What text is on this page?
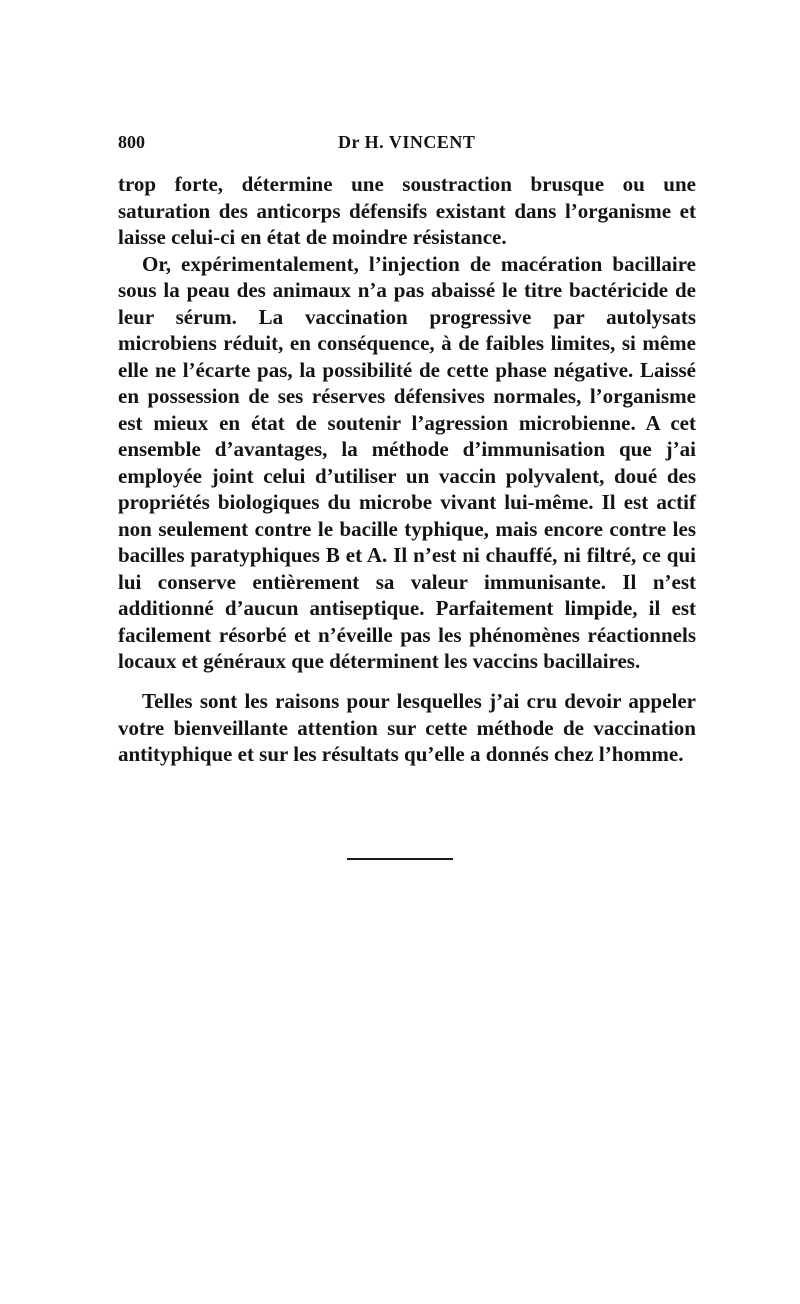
800	Dr H. VINCENT

trop forte, détermine une soustraction brusque ou une saturation des anticorps défensifs existant dans l’organisme et laisse celui-ci en état de moindre résistance.

Or, expérimentalement, l’injection de macération bacillaire sous la peau des animaux n’a pas abaissé le titre bactéricide de leur sérum. La vaccination progressive par autolysats microbiens réduit, en conséquence, à de faibles limites, si même elle ne l’écarte pas, la possibilité de cette phase négative. Laissé en possession de ses réserves défensives normales, l’organisme est mieux en état de soutenir l’agression microbienne. A cet ensemble d’avantages, la méthode d’immunisation que j’ai employée joint celui d’utiliser un vaccin polyvalent, doué des propriétés biologiques du microbe vivant lui-même. Il est actif non seulement contre le bacille typhique, mais encore contre les bacilles paratyphiques B et A. Il n’est ni chauffé, ni filtré, ce qui lui conserve entièrement sa valeur immunisante. Il n’est additionné d’aucun antiseptique. Parfaitement limpide, il est facilement résorbé et n’éveille pas les phénomènes réactionnels locaux et généraux que déterminent les vaccins bacillaires.

Telles sont les raisons pour lesquelles j’ai cru devoir appeler votre bienveillante attention sur cette méthode de vaccination antityphique et sur les résultats qu’elle a donnés chez l’homme.
